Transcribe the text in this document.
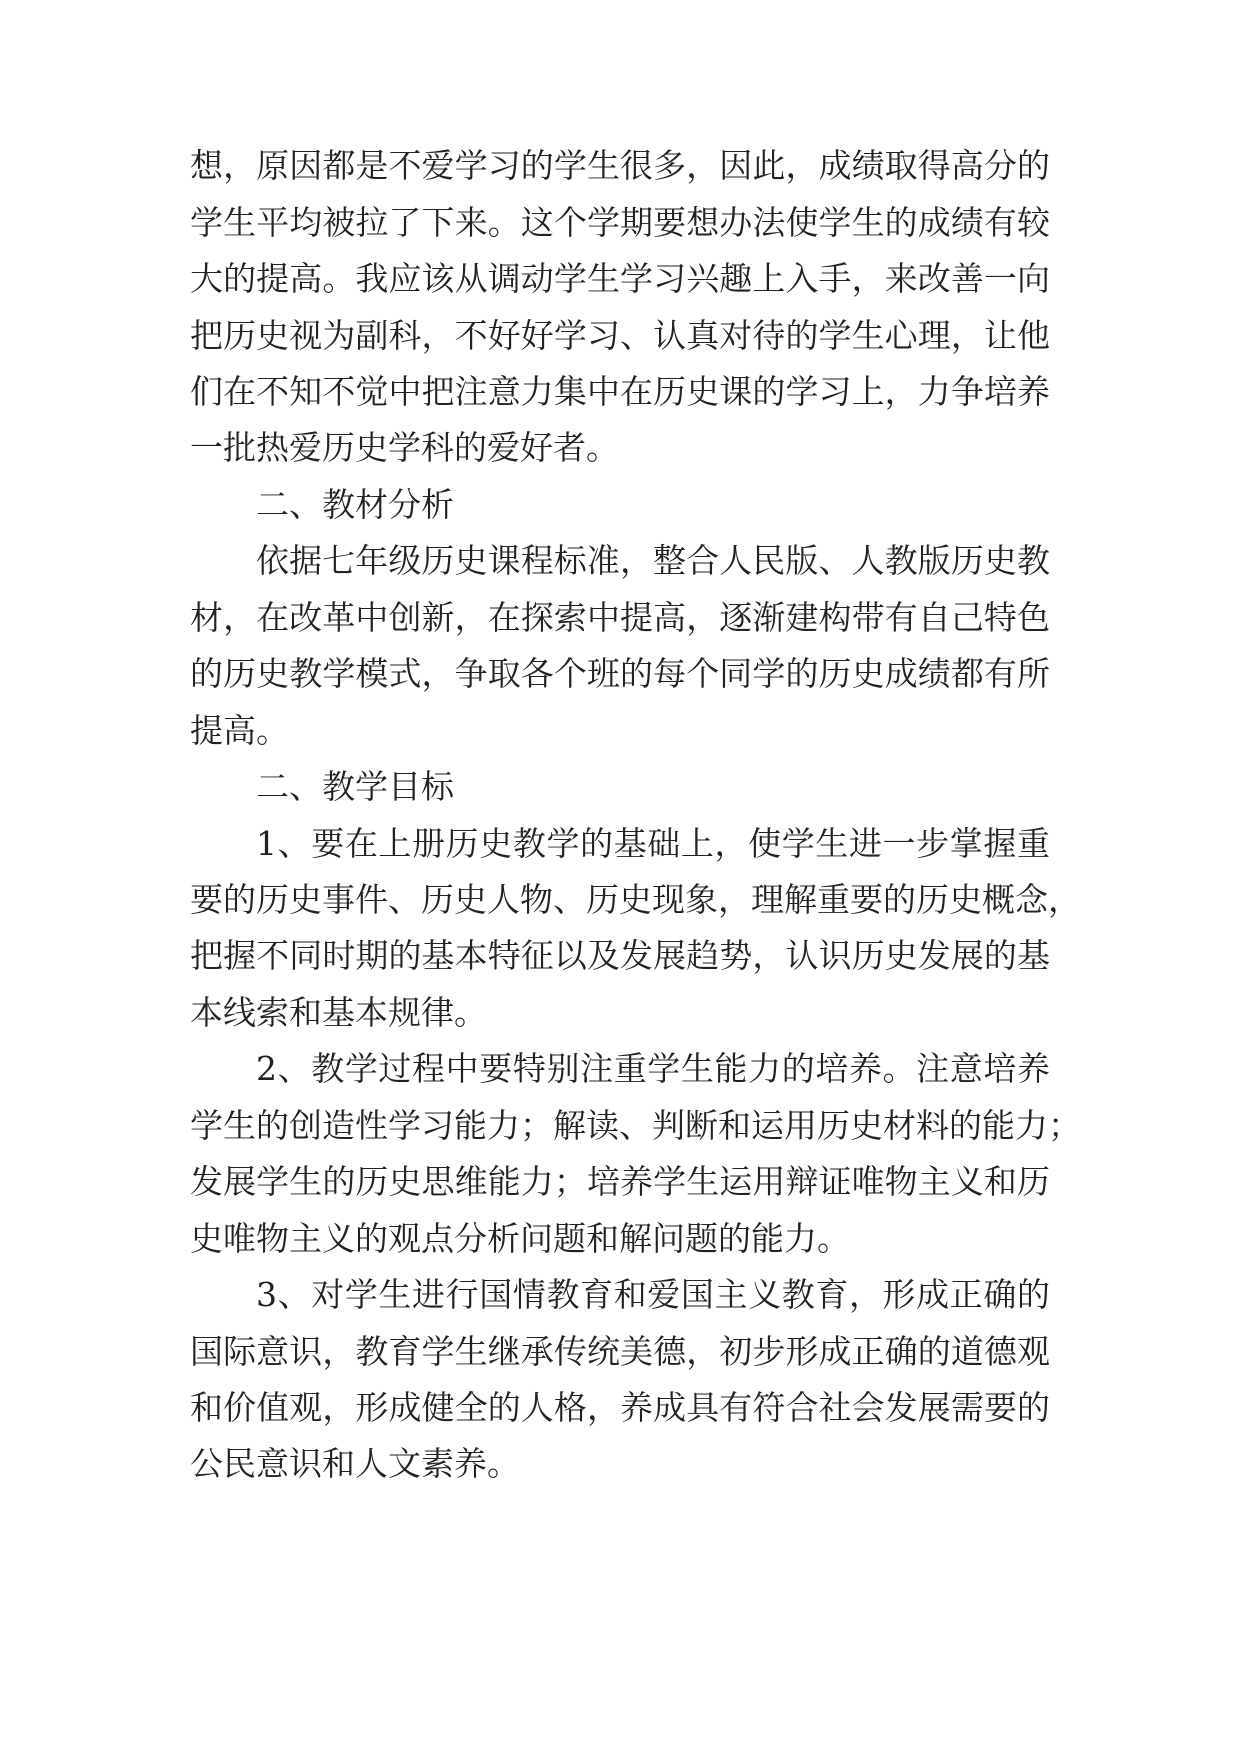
想，原因都是不爱学习的学生很多，因此，成绩取得高分的
学生平均被拉了下来。这个学期要想办法使学生的成绩有较
大的提高。我应该从调动学生学习兴趣上入手，来改善一向
把历史视为副科，不好好学习、认真对待的学生心理，让他
们在不知不觉中把注意力集中在历史课的学习上，力争培养
一批热爱历史学科的爱好者。
二、教材分析
依据七年级历史课程标准，整合人民版、人教版历史教
材，在改革中创新，在探索中提高，逐渐建构带有自己特色
的历史教学模式，争取各个班的每个同学的历史成绩都有所
提高。
二、教学目标
1、要在上册历史教学的基础上，使学生进一步掌握重
要的历史事件、历史人物、历史现象，理解重要的历史概念，
把握不同时期的基本特征以及发展趋势，认识历史发展的基
本线索和基本规律。
2、教学过程中要特别注重学生能力的培养。注意培养
学生的创造性学习能力；解读、判断和运用历史材料的能力；
发展学生的历史思维能力；培养学生运用辩证唯物主义和历
史唯物主义的观点分析问题和解问题的能力。
3、对学生进行国情教育和爱国主义教育，形成正确的
国际意识，教育学生继承传统美德，初步形成正确的道德观
和价值观，形成健全的人格，养成具有符合社会发展需要的
公民意识和人文素养。
